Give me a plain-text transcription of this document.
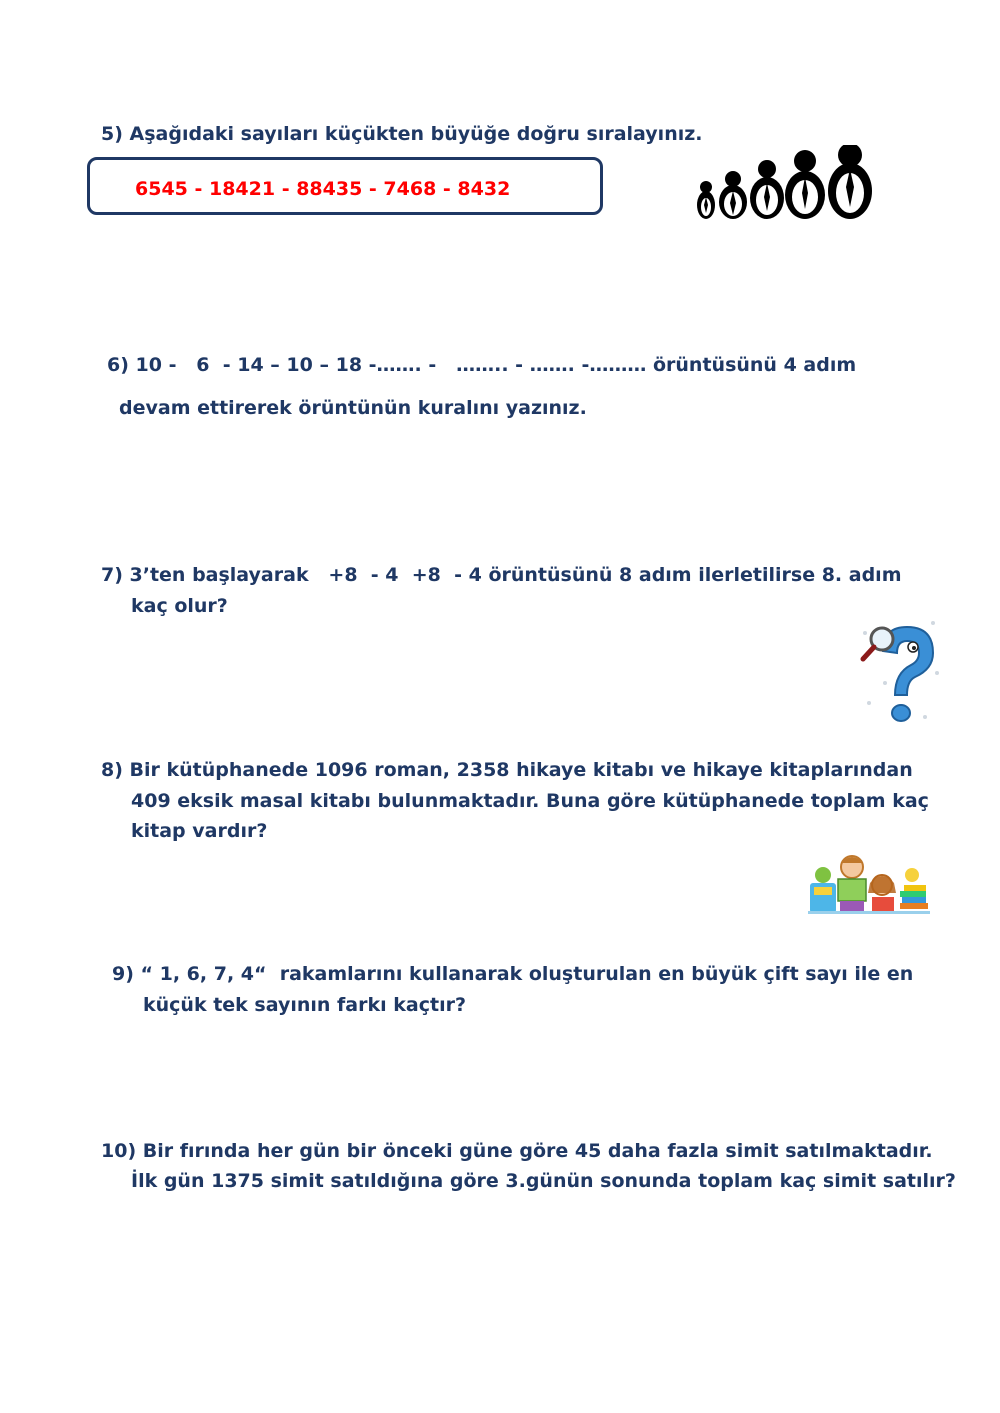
5) Aşağıdaki sayıları küçükten büyüğe doğru sıralayınız.
6545 - 18421 - 88435 - 7468 - 8432
6) 10 -   6  - 14 – 10 – 18 -……. -   …….. - ……. -……… örüntüsünü 4 adım
devam ettirerek örüntünün kuralını yazınız.
7) 3’ten başlayarak   +8  - 4  +8  - 4 örüntüsünü 8 adım ilerletilirse 8. adım
kaç olur?
8) Bir kütüphanede 1096 roman, 2358 hikaye kitabı ve hikaye kitaplarından
409 eksik masal kitabı bulunmaktadır. Buna göre kütüphanede toplam kaç
kitap vardır?
9) “ 1, 6, 7, 4“  rakamlarını kullanarak oluşturulan en büyük çift sayı ile en
küçük tek sayının farkı kaçtır?
10) Bir fırında her gün bir önceki güne göre 45 daha fazla simit satılmaktadır.
İlk gün 1375 simit satıldığına göre 3.günün sonunda toplam kaç simit satılır?
